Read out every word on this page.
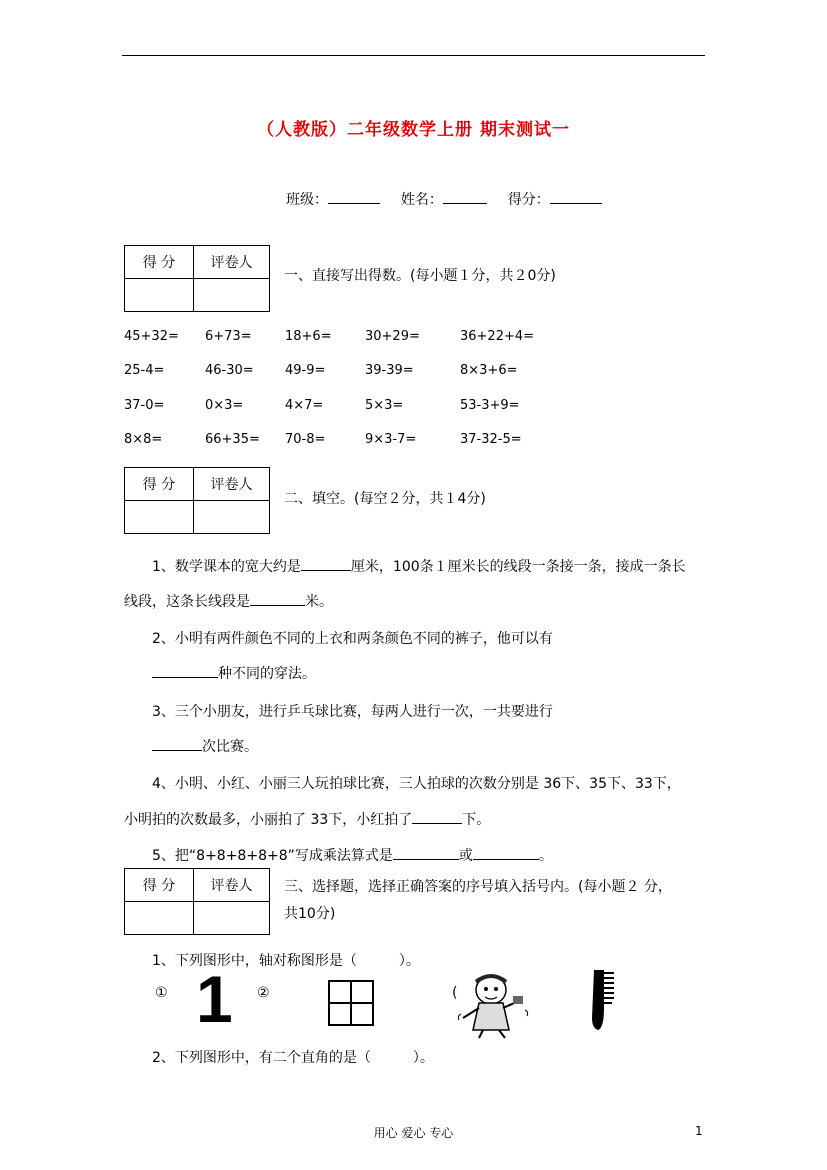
（人教版）二年级数学上册 期末测试一
班级：	姓名：	得分：
得 分	评卷人

一、直接写出得数。(每小题１分，共２0分)
45+32= 6+73=	18+6=	30+29=	36+22+4=
25-4=	46-30= 49-9=	39-39=	8×3+6=
37-0=	0×3=	4×7=	5×3=	53-3+9=
8×8=	66+35= 70-8=	9×3-7=	37-32-5=
得 分	评卷人

二、填空。(每空２分，共１4分)
1、数学课本的宽大约是	厘米，100条１厘米长的线段一条接一条，接成一条长
线段，这条长线段是	米。
2、小明有两件颜色不同的上衣和两条颜色不同的裤子，他可以有
种不同的穿法。
3、三个小朋友，进行乒乓球比赛，每两人进行一次，一共要进行
次比赛。
4、小明、小红、小丽三人玩拍球比赛，三人拍球的次数分别是 36下、35下、33下，
小明拍的次数最多，小丽拍了 33下，小红拍了	下。
5、把“8+8+8+8+8”写成乘法算式是	或	。
得 分	评卷人
	三、选择题，选择正确答案的序号填入括号内。(每小题２ 分，
共10分)
1、下列图形中，轴对称图形是（　　　）。
① 1 ②	(
2、下列图形中，有二个直角的是（　　　）。
用心 爱心 专心	1
